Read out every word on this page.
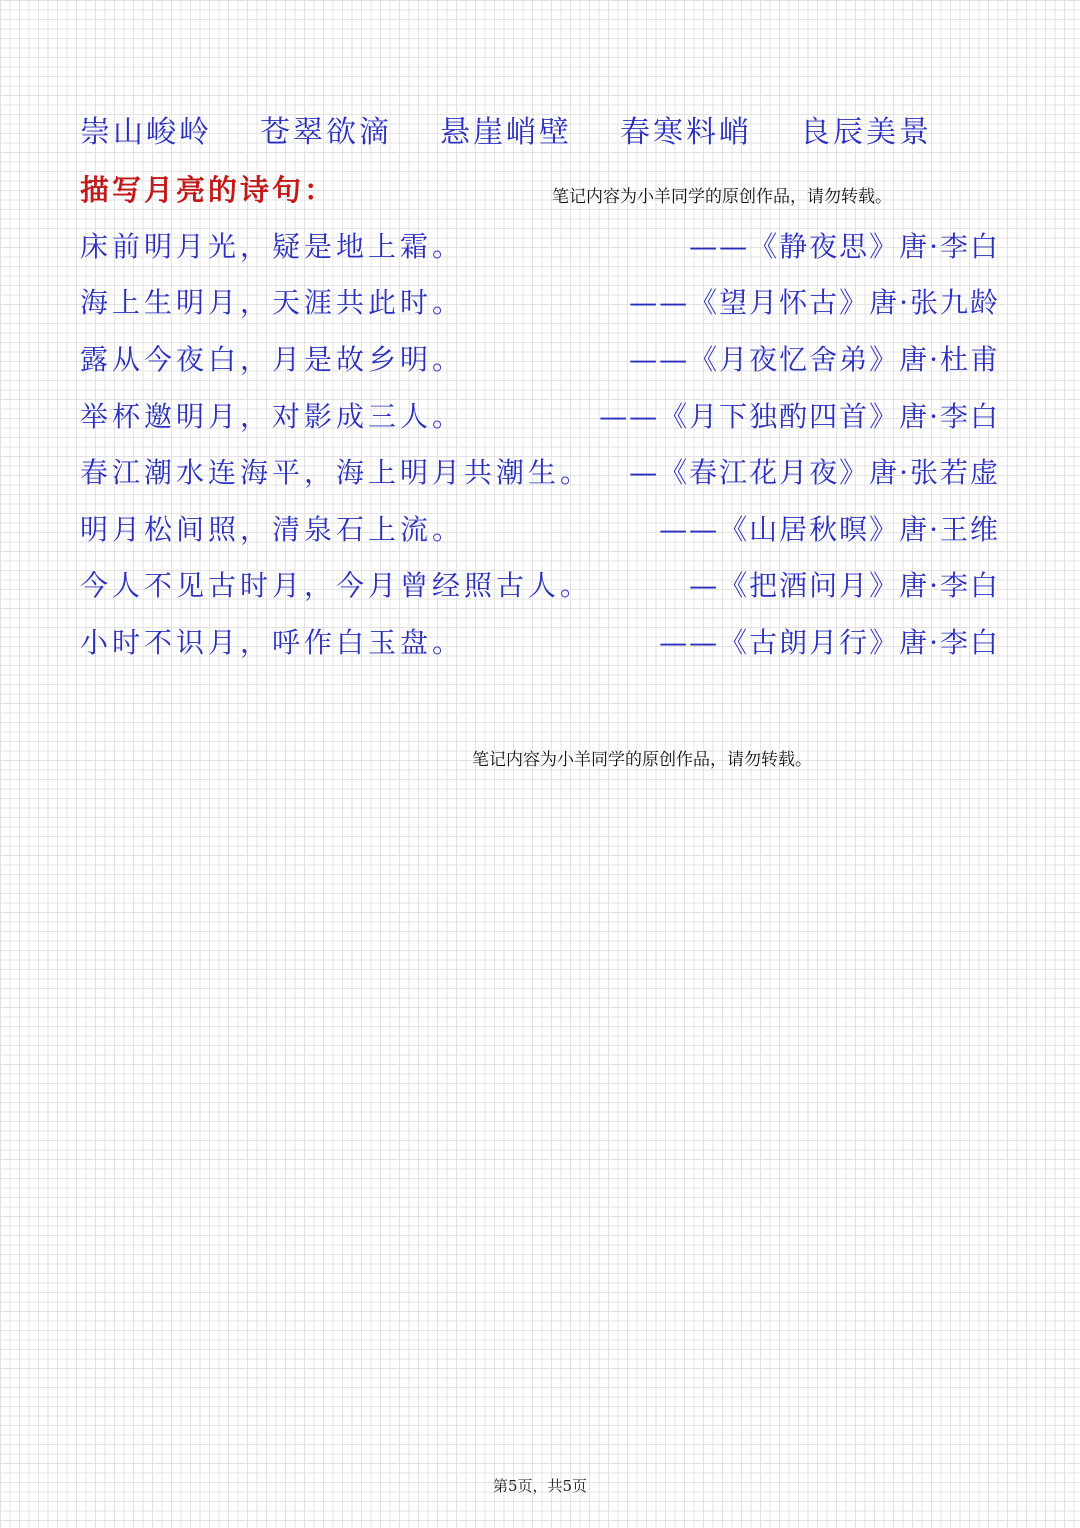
崇山峻岭 苍翠欲滴 悬崖峭壁 春寒料峭 良辰美景
描写月亮的诗句：	笔记内容为小羊同学的原创作品，请勿转载。
床前明月光，疑是地上霜。	——《静夜思》唐·李白
海上生明月，天涯共此时。	——《望月怀古》唐·张九龄
露从今夜白，月是故乡明。	——《月夜忆舍弟》唐·杜甫
举杯邀明月，对影成三人。	——《月下独酌四首》唐·李白
春江潮水连海平，海上明月共潮生。 —《春江花月夜》唐·张若虚
明月松间照，清泉石上流。	——《山居秋暝》唐·王维
今人不见古时月，今月曾经照古人。	—《把酒问月》唐·李白
小时不识月，呼作白玉盘。	——《古朗月行》唐·李白
笔记内容为小羊同学的原创作品，请勿转载。
第5页，共5页
